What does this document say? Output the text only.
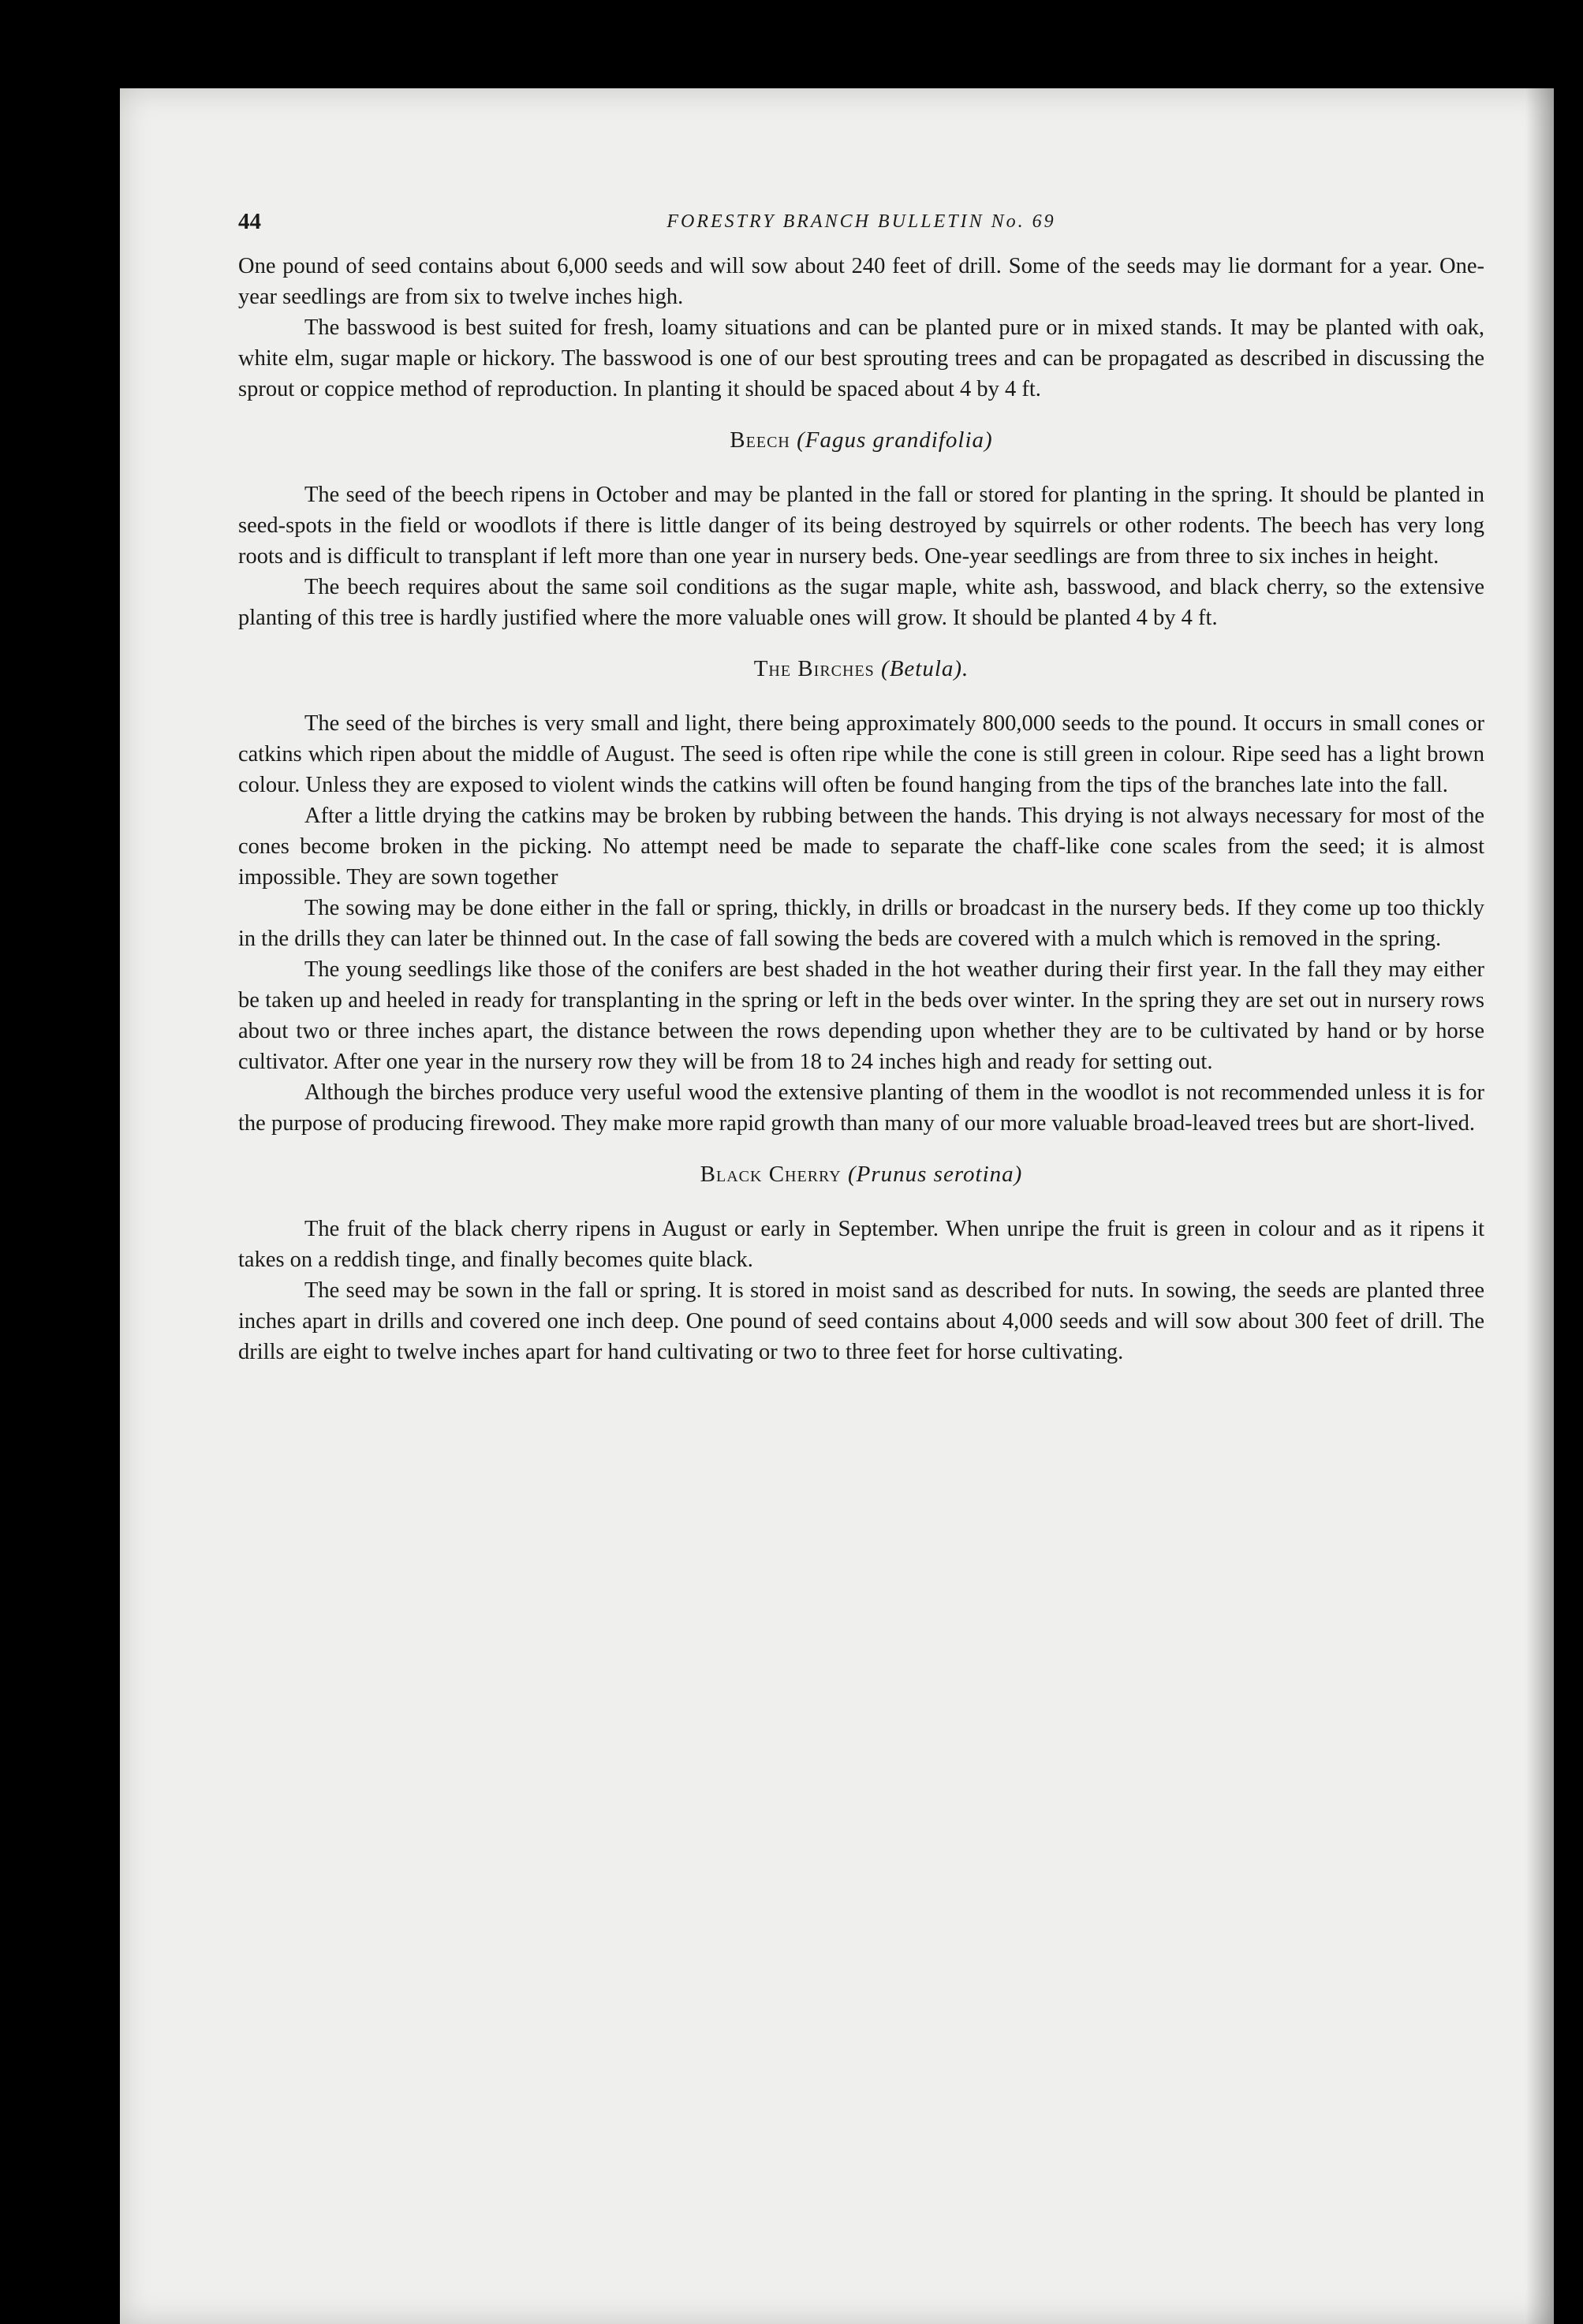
44	FORESTRY BRANCH BULLETIN No. 69

One pound of seed contains about 6,000 seeds and will sow about 240 feet of drill. Some of the seeds may lie dormant for a year. One-year seedlings are from six to twelve inches high.

The basswood is best suited for fresh, loamy situations and can be planted pure or in mixed stands. It may be planted with oak, white elm, sugar maple or hickory. The basswood is one of our best sprouting trees and can be propagated as described in discussing the sprout or coppice method of reproduction. In planting it should be spaced about 4 by 4 ft.

Beech (Fagus grandifolia)

The seed of the beech ripens in October and may be planted in the fall or stored for planting in the spring. It should be planted in seed-spots in the field or woodlots if there is little danger of its being destroyed by squirrels or other rodents. The beech has very long roots and is difficult to transplant if left more than one year in nursery beds. One-year seedlings are from three to six inches in height.

The beech requires about the same soil conditions as the sugar maple, white ash, basswood, and black cherry, so the extensive planting of this tree is hardly justified where the more valuable ones will grow. It should be planted 4 by 4 ft.

The Birches (Betula).

The seed of the birches is very small and light, there being approximately 800,000 seeds to the pound. It occurs in small cones or catkins which ripen about the middle of August. The seed is often ripe while the cone is still green in colour. Ripe seed has a light brown colour. Unless they are exposed to violent winds the catkins will often be found hanging from the tips of the branches late into the fall.

After a little drying the catkins may be broken by rubbing between the hands. This drying is not always necessary for most of the cones become broken in the picking. No attempt need be made to separate the chaff-like cone scales from the seed; it is almost impossible. They are sown together

The sowing may be done either in the fall or spring, thickly, in drills or broadcast in the nursery beds. If they come up too thickly in the drills they can later be thinned out. In the case of fall sowing the beds are covered with a mulch which is removed in the spring.

The young seedlings like those of the conifers are best shaded in the hot weather during their first year. In the fall they may either be taken up and heeled in ready for transplanting in the spring or left in the beds over winter. In the spring they are set out in nursery rows about two or three inches apart, the distance between the rows depending upon whether they are to be cultivated by hand or by horse cultivator. After one year in the nursery row they will be from 18 to 24 inches high and ready for setting out.

Although the birches produce very useful wood the extensive planting of them in the woodlot is not recommended unless it is for the purpose of producing firewood. They make more rapid growth than many of our more valuable broad-leaved trees but are short-lived.

Black Cherry (Prunus serotina)

The fruit of the black cherry ripens in August or early in September. When unripe the fruit is green in colour and as it ripens it takes on a reddish tinge, and finally becomes quite black.

The seed may be sown in the fall or spring. It is stored in moist sand as described for nuts. In sowing, the seeds are planted three inches apart in drills and covered one inch deep. One pound of seed contains about 4,000 seeds and will sow about 300 feet of drill. The drills are eight to twelve inches apart for hand cultivating or two to three feet for horse cultivating.
